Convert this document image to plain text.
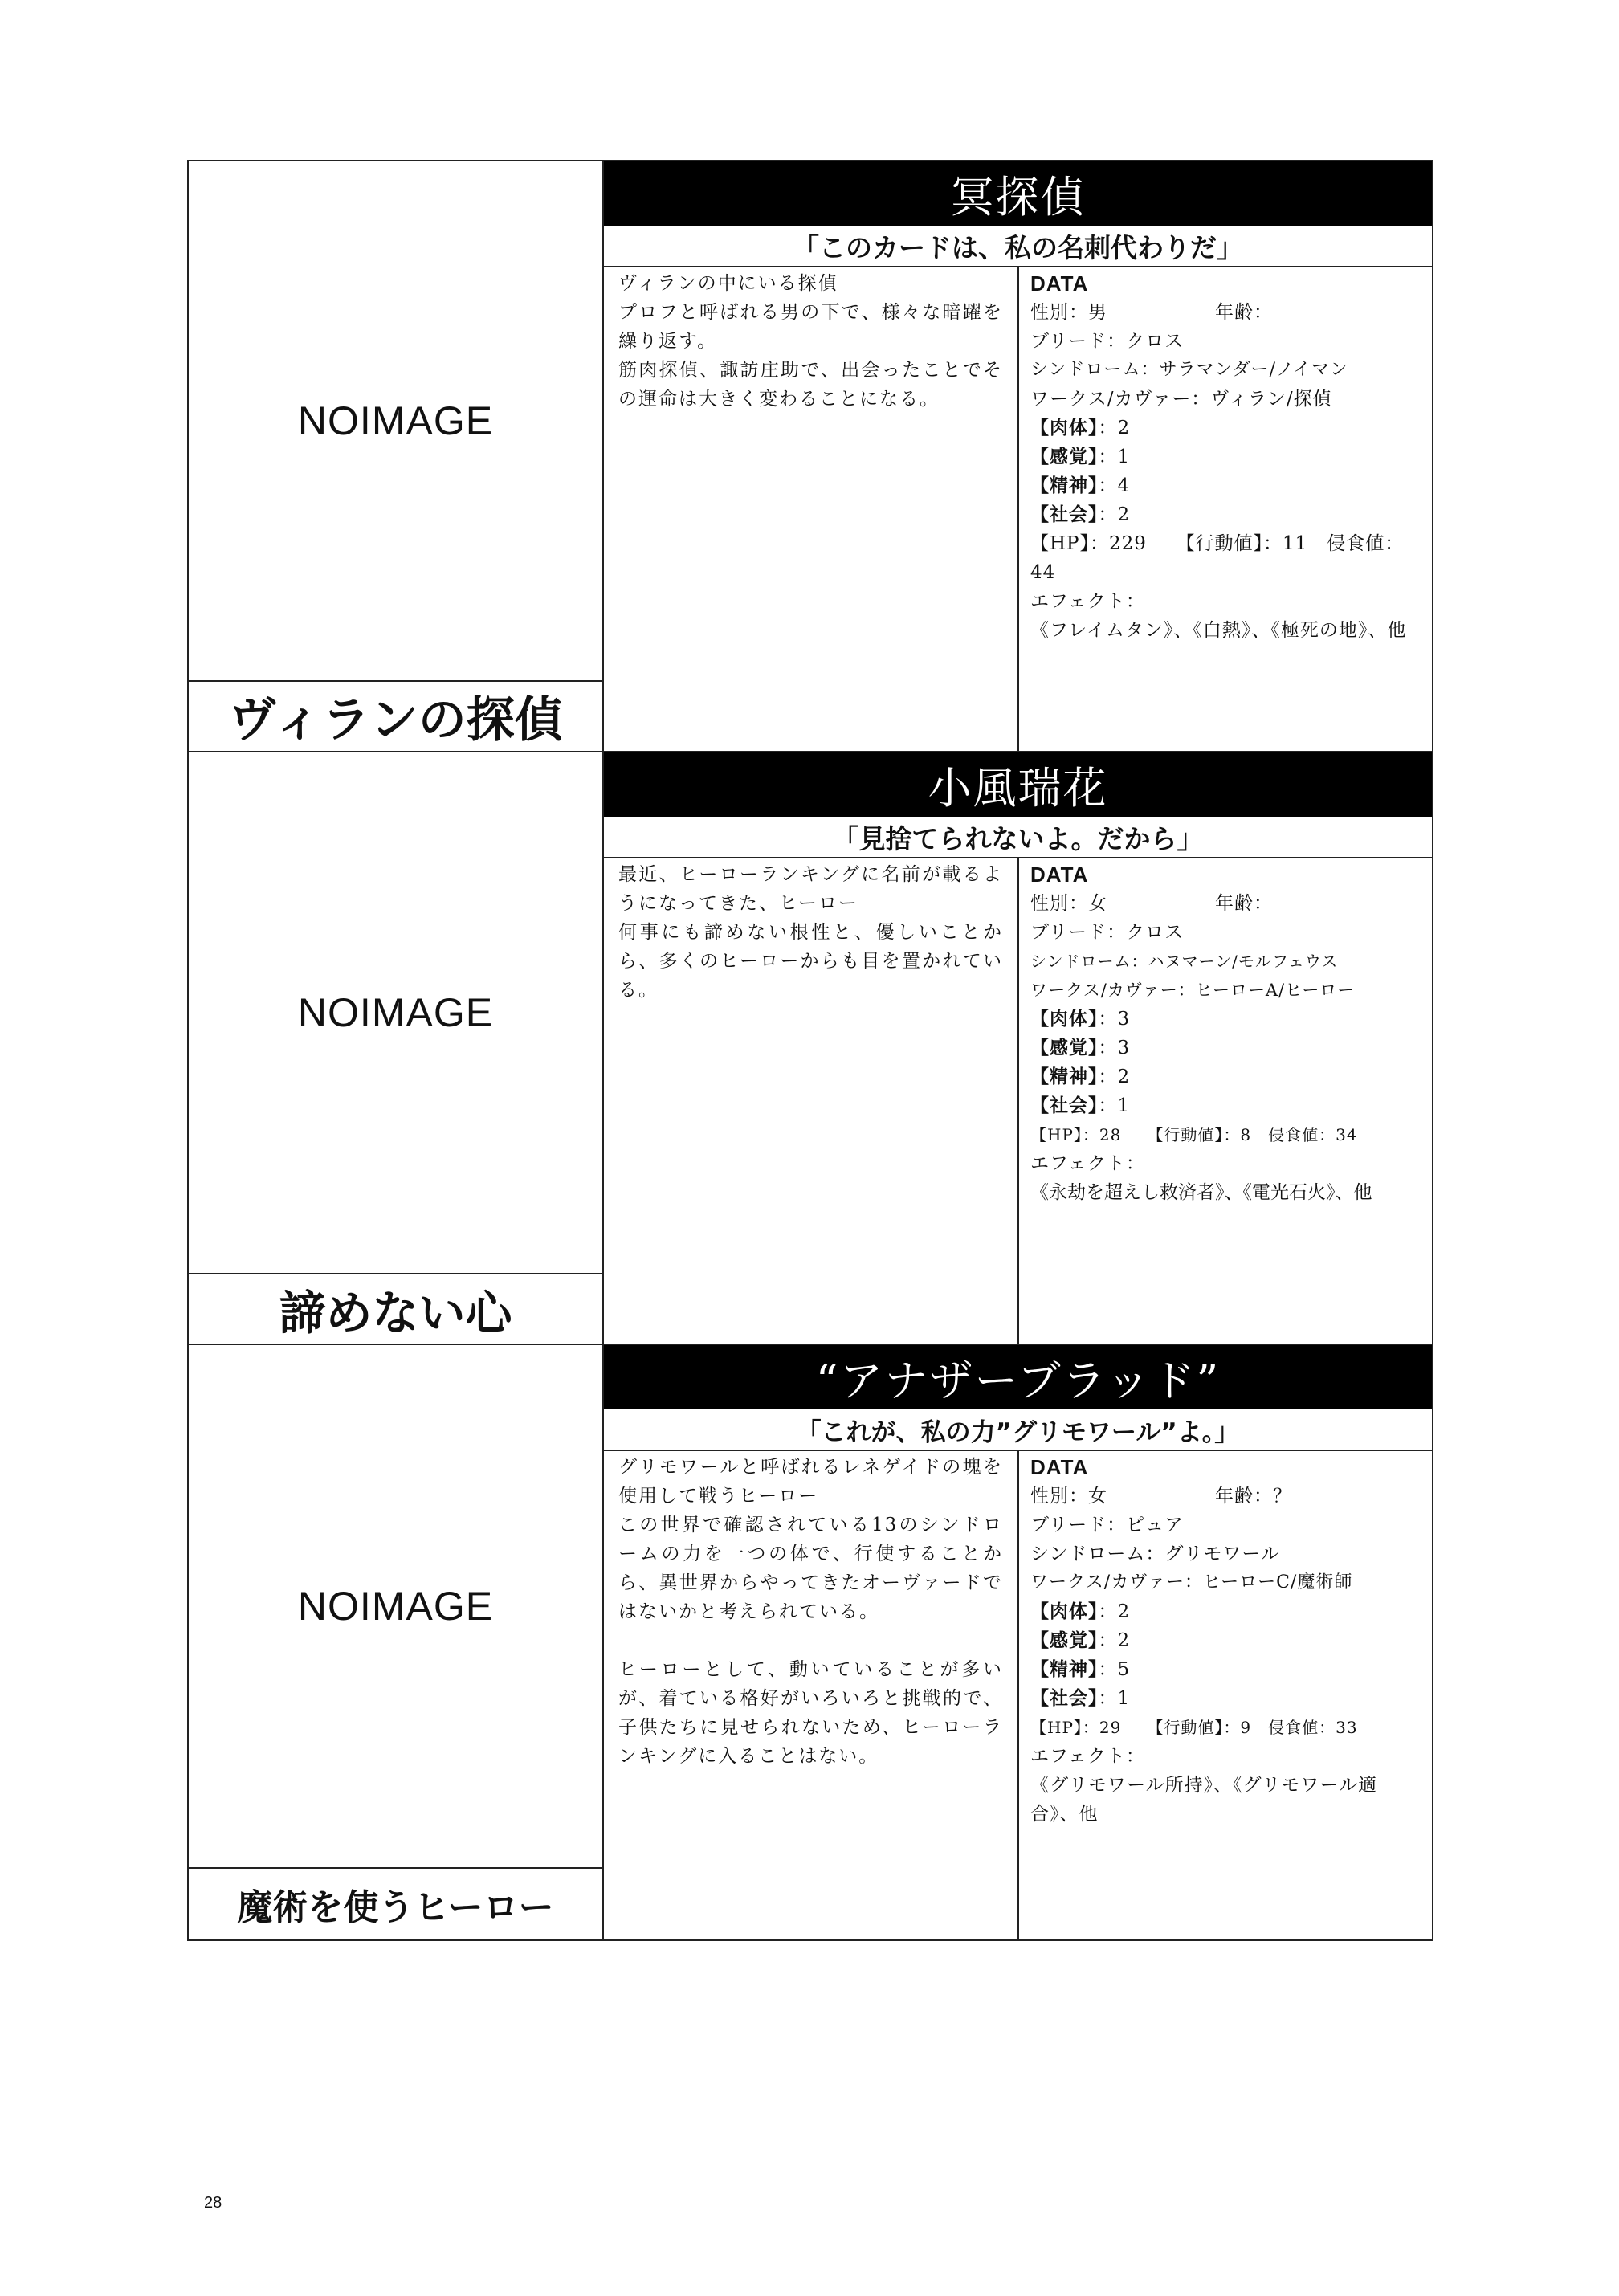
NOIMAGE
ヴィランの探偵
冥探偵
「このカードは、私の名刺代わりだ」

ヴィランの中にいる探偵

プロフと呼ばれる男の下で、様々な暗躍を繰り返す。

筋肉探偵、諏訪庄助で、出会ったことでその運命は大きく変わることになる。

DATA
性別：男	年齢：
ブリード：クロス
シンドローム：サラマンダー/ノイマン
ワークス/カヴァー：ヴィラン/探偵
【肉体】：2
【感覚】：1
【精神】：4
【社会】：2
【HP】：229　　 【行動値】：11　 侵食値：44
エフェクト：
《フレイムタン》、《白熱》、《極死の地》、他
NOIMAGE
諦めない心
小風瑞花
「見捨てられないよ。だから」

最近、ヒーローランキングに名前が載るようになってきた、ヒーロー

何事にも諦めない根性と、優しいことから、多くのヒーローからも目を置かれている。

DATA
性別：女	年齢：
ブリード：クロス
シンドローム：ハヌマーン/モルフェウス
ワークス/カヴァー：ヒーローA/ヒーロー
【肉体】：3
【感覚】：3
【精神】：2
【社会】：1
【HP】：28　　 【行動値】：8　 侵食値：34
エフェクト：
《永劫を超えし救済者》、《電光石火》、他
NOIMAGE
魔術を使うヒーロー
“アナザーブラッド”
「これが、私の力”グリモワール”よ。」

グリモワールと呼ばれるレネゲイドの塊を使用して戦うヒーロー

この世界で確認されている13のシンドロームの力を一つの体で、行使することから、異世界からやってきたオーヴァードではないかと考えられている。

ヒーローとして、動いていることが多いが、着ている格好がいろいろと挑戦的で、子供たちに見せられないため、ヒーローランキングに入ることはない。

DATA
性別：女	年齢：？
ブリード：ピュア
シンドローム：グリモワール
ワークス/カヴァー：ヒーローC/魔術師
【肉体】：2
【感覚】：2
【精神】：5
【社会】：1
【HP】：29　　 【行動値】：9　 侵食値：33
エフェクト：
《グリモワール所持》、《グリモワール適合》、他
28
